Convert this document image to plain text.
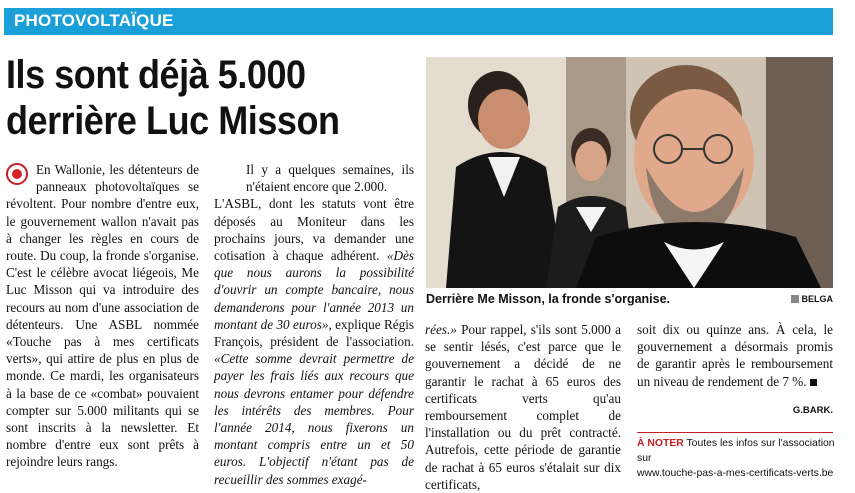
PHOTOVOLTAÏQUE
Ils sont déjà 5.000 derrière Luc Misson

En Wallonie, les détenteurs de panneaux photovoltaïques se révoltent. Pour nombre d'entre eux, le gouvernement wallon n'avait pas à changer les règles en cours de route. Du coup, la fronde s'organise. C'est le célèbre avocat liégeois, Me Luc Misson qui va introduire des recours au nom d'une association de détenteurs. Une ASBL nommée «Touche pas à mes certificats verts», qui attire de plus en plus de monde. Ce mardi, les organisateurs à la base de ce «combat» pouvaient compter sur 5.000 militants qui se sont inscrits à la newsletter. Et nombre d'entre eux sont prêts à rejoindre leurs rangs.

Il y a quelques semaines, ils n'étaient encore que 2.000.

L'ASBL, dont les statuts vont être déposés au Moniteur dans les prochains jours, va demander une cotisation à chaque adhérent. «Dès que nous aurons la possibilité d'ouvrir un compte bancaire, nous demanderons pour l'année 2013 un montant de 30 euros», explique Régis François, président de l'association. «Cette somme devrait permettre de payer les frais liés aux recours que nous devrons entamer pour défendre les intérêts des membres. Pour l'année 2014, nous fixerons un montant compris entre un et 50 euros. L'objectif n'étant pas de recueillir des sommes exagé-

Derrière Me Misson, la fronde s'organise.	BELGA

rées.» Pour rappel, s'ils sont 5.000 a se sentir lésés, c'est parce que le gouvernement a décidé de ne garantir le rachat à 65 euros des certificats verts qu'au remboursement complet de l'installation ou du prêt contracté. Autrefois, cette période de garantie de rachat à 65 euros s'étalait sur dix certificats,

soit dix ou quinze ans. À cela, le gouvernement a désormais promis de garantir après le remboursement un niveau de rendement de 7 %.

G.BARK.
À NOTER Toutes les infos sur l'association sur
www.touche-pas-a-mes-certificats-verts.be
